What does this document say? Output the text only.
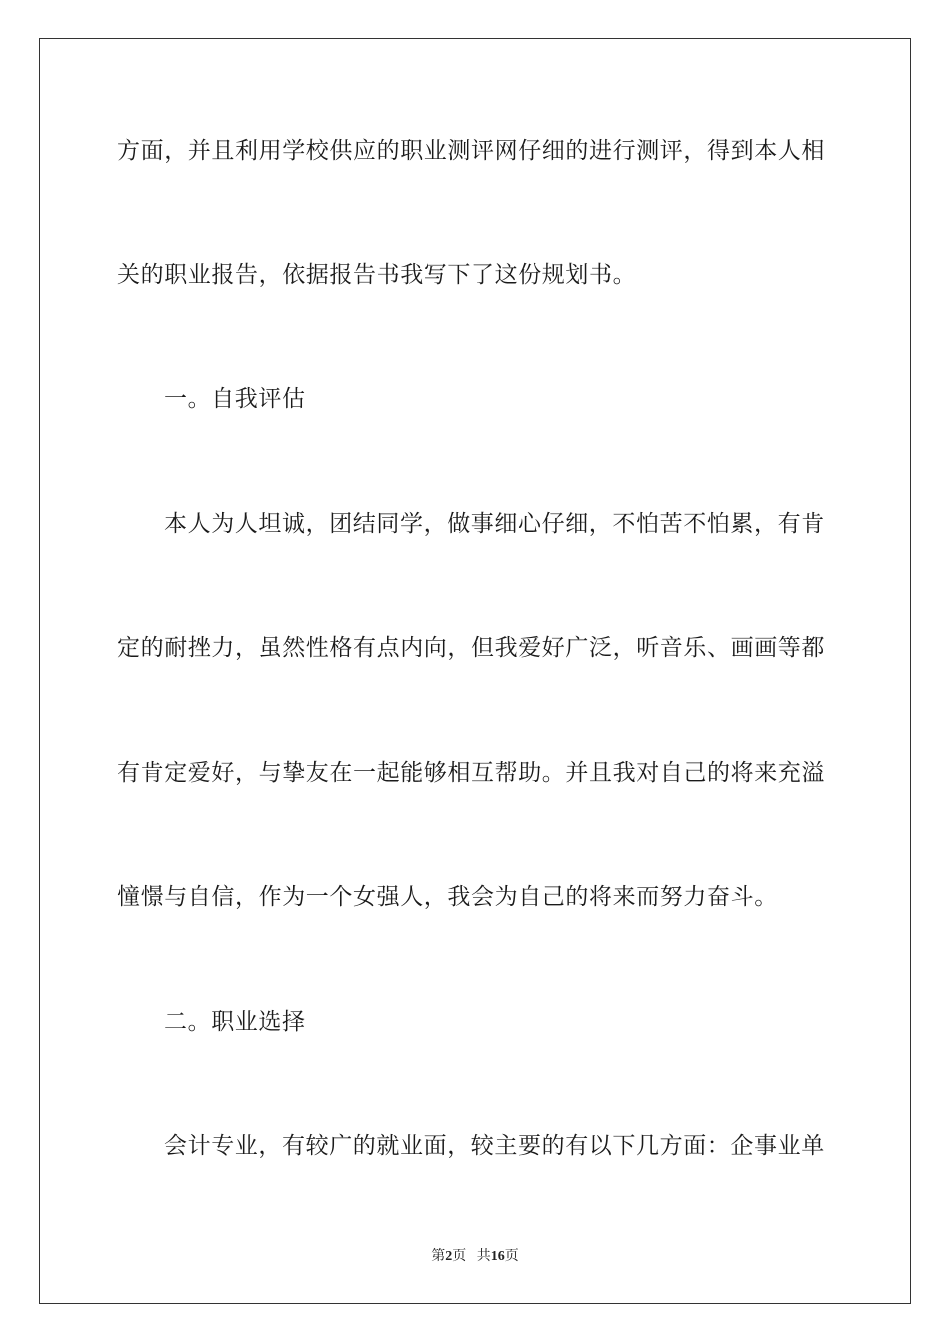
方面，并且利用学校供应的职业测评网仔细的进行测评，得到本人相
关的职业报告，依据报告书我写下了这份规划书。
一。自我评估
本人为人坦诚，团结同学，做事细心仔细，不怕苦不怕累，有肯
定的耐挫力，虽然性格有点内向，但我爱好广泛，听音乐、画画等都
有肯定爱好，与挚友在一起能够相互帮助。并且我对自己的将来充溢
憧憬与自信，作为一个女强人，我会为自己的将来而努力奋斗。
二。职业选择
会计专业，有较广的就业面，较主要的有以下几方面：企事业单
第2页 共16页
